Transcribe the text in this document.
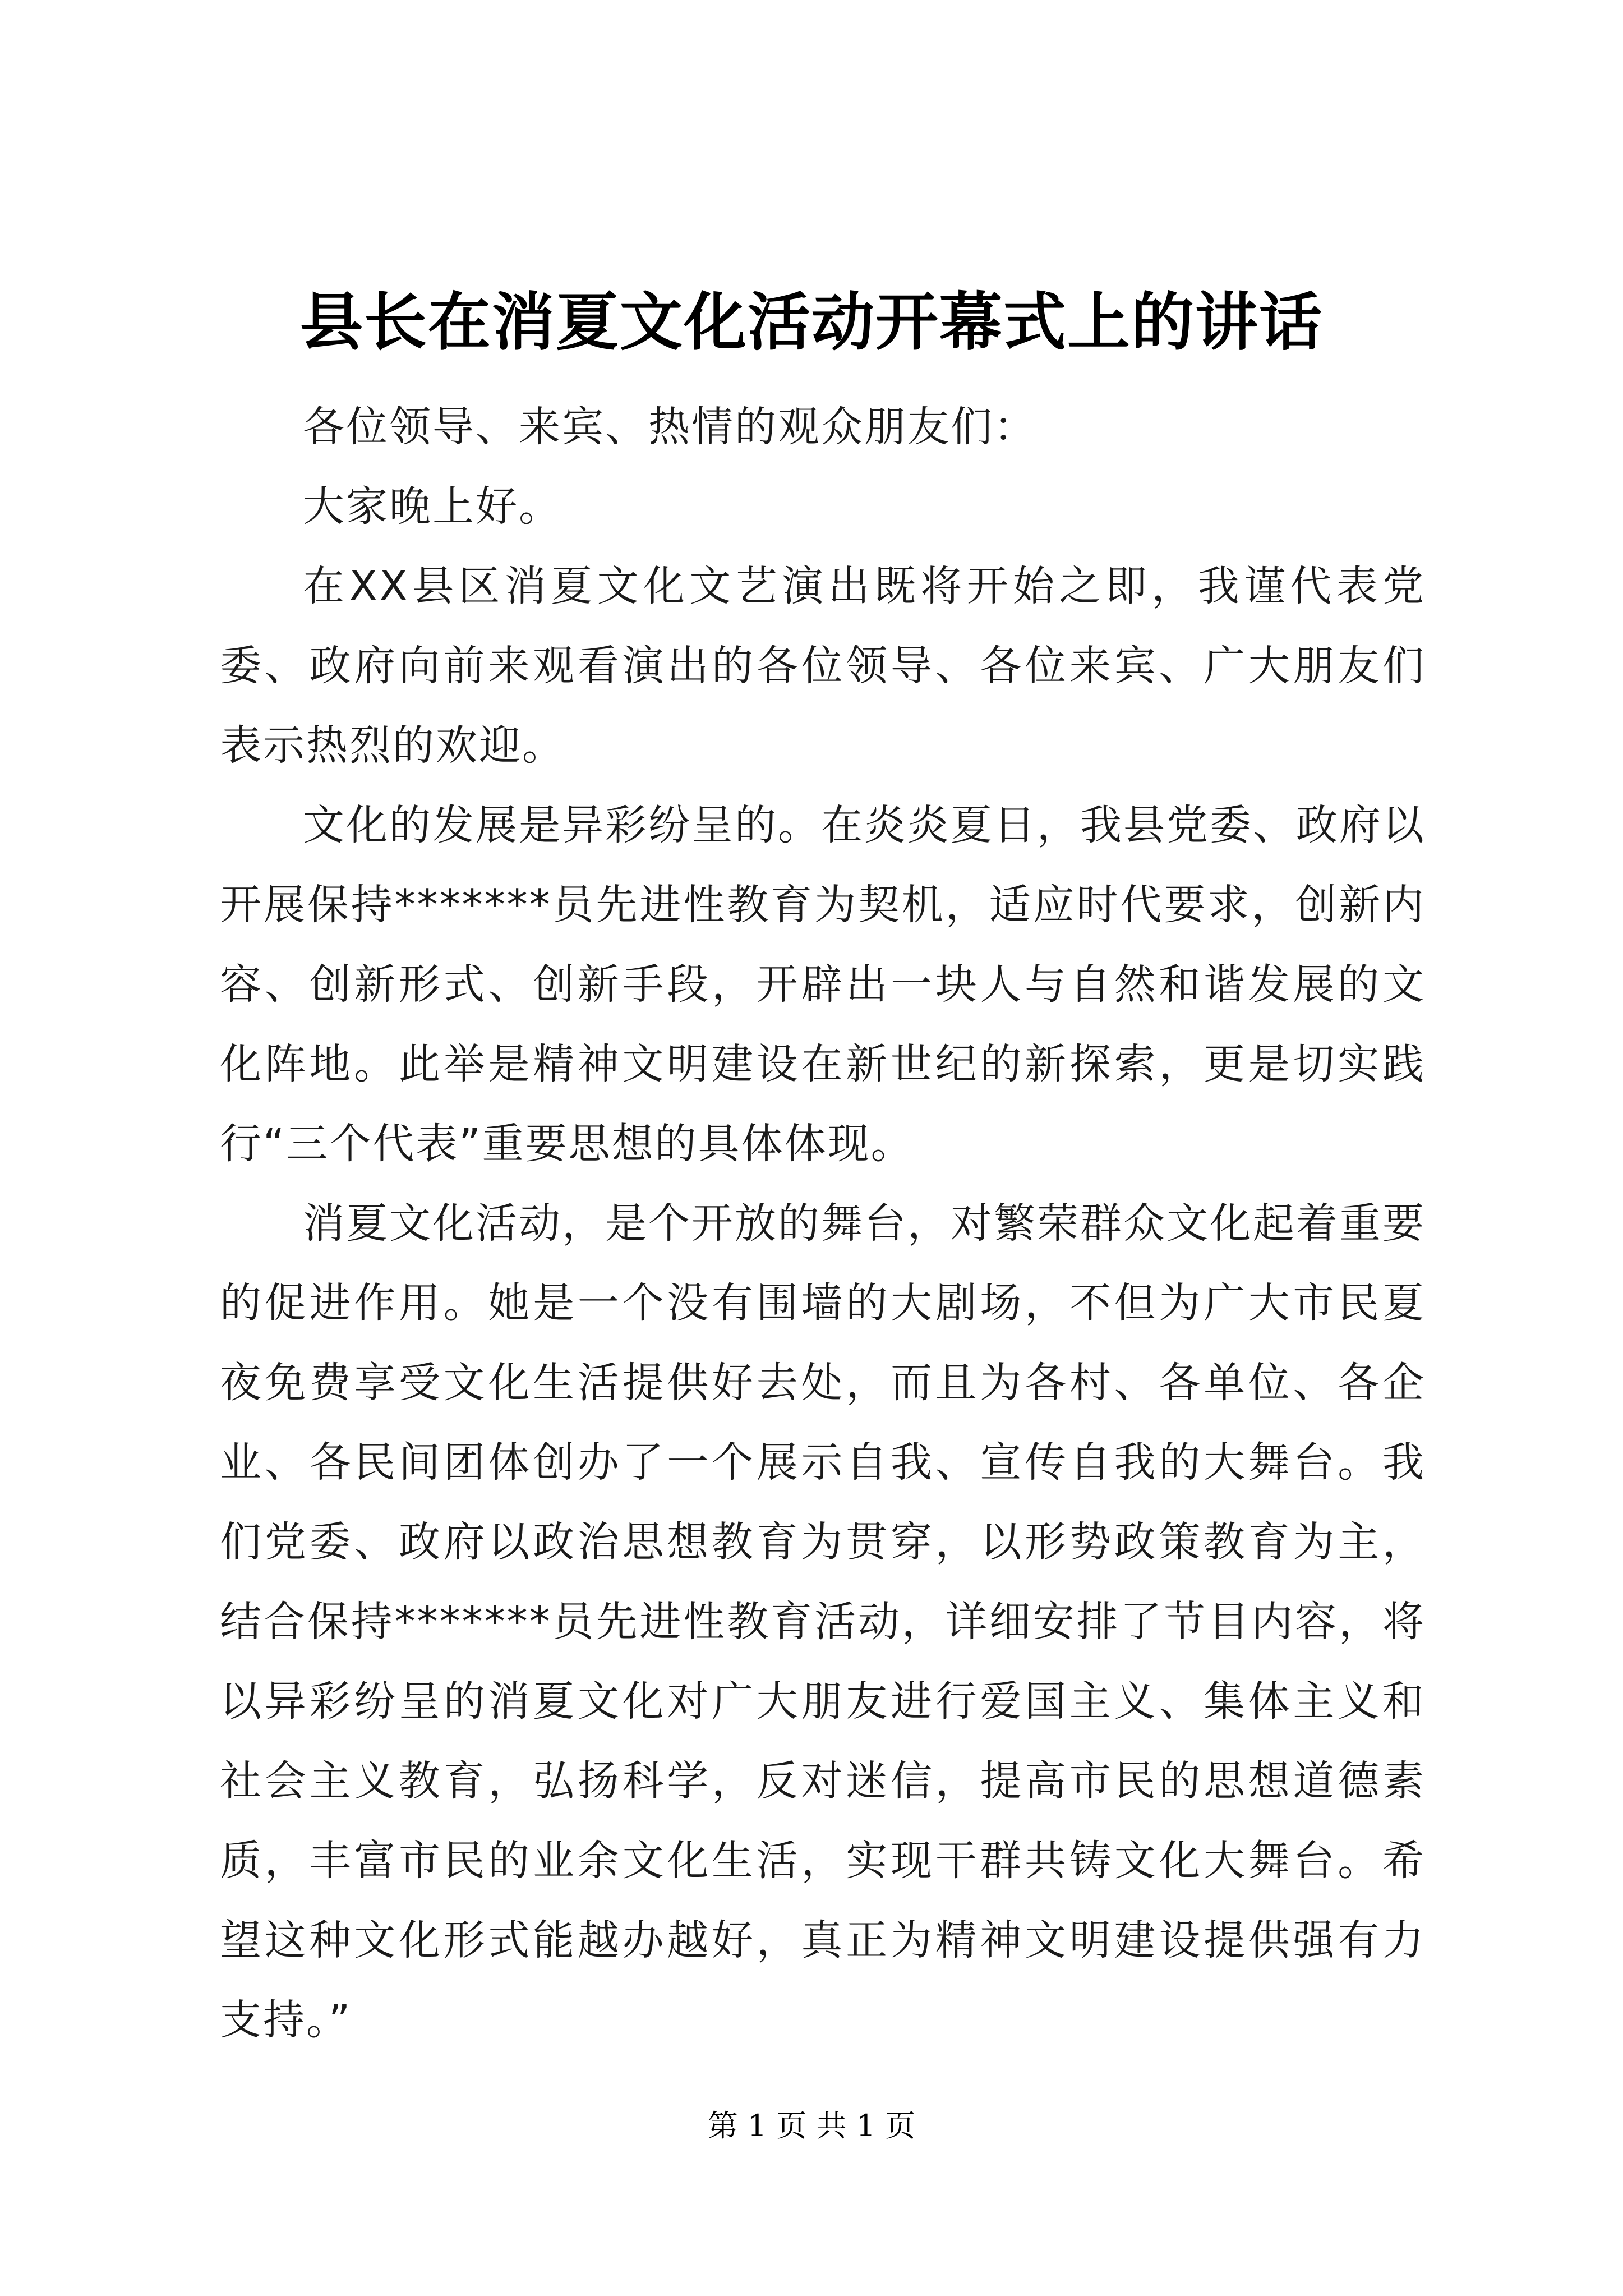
县长在消夏文化活动开幕式上的讲话

各位领导、来宾、热情的观众朋友们：

大家晚上好。

在XX县区消夏文化文艺演出既将开始之即，我谨代表党委、政府向前来观看演出的各位领导、各位来宾、广大朋友们表示热烈的欢迎。

文化的发展是异彩纷呈的。在炎炎夏日，我县党委、政府以开展保持*******员先进性教育为契机，适应时代要求，创新内容、创新形式、创新手段，开辟出一块人与自然和谐发展的文化阵地。此举是精神文明建设在新世纪的新探索，更是切实践行“三个代表”重要思想的具体体现。

消夏文化活动，是个开放的舞台，对繁荣群众文化起着重要的促进作用。她是一个没有围墙的大剧场，不但为广大市民夏夜免费享受文化生活提供好去处，而且为各村、各单位、各企业、各民间团体创办了一个展示自我、宣传自我的大舞台。我们党委、政府以政治思想教育为贯穿，以形势政策教育为主，结合保持*******员先进性教育活动，详细安排了节目内容，将以异彩纷呈的消夏文化对广大朋友进行爱国主义、集体主义和社会主义教育，弘扬科学，反对迷信，提高市民的思想道德素质，丰富市民的业余文化生活，实现干群共铸文化大舞台。希望这种文化形式能越办越好，真正为精神文明建设提供强有力支持。”

第 1 页 共 1 页
